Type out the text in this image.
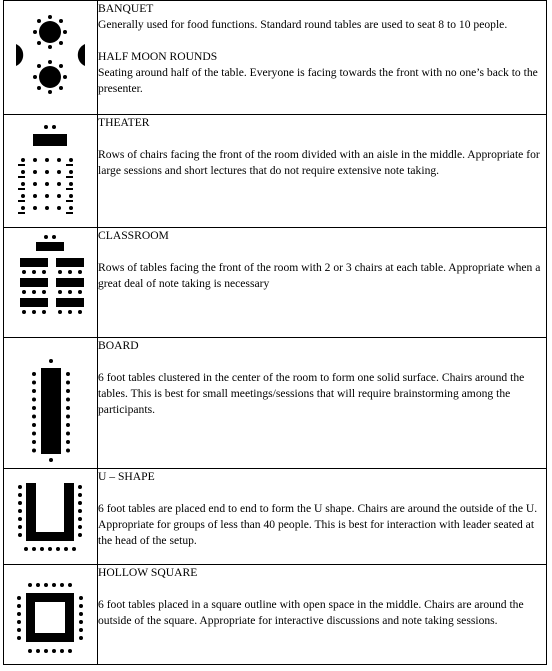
BANQUET

Generally used for food functions. Standard round tables are used to seat 8 to 10 people.

HALF MOON ROUNDS

Seating around half of the table. Everyone is facing towards the front with no one’s back to the presenter.

THEATER

Rows of chairs facing the front of the room divided with an aisle in the middle. Appropriate for large sessions and short lectures that do not require extensive note taking.

CLASSROOM

Rows of tables facing the front of the room with 2 or 3 chairs at each table. Appropriate when a great deal of note taking is necessary

BOARD

6 foot tables clustered in the center of the room to form one solid surface. Chairs around the tables. This is best for small meetings/sessions that will require brainstorming among the participants.

U – SHAPE

6 foot tables are placed end to end to form the U shape. Chairs are around the outside of the U. Appropriate for groups of less than 40 people. This is best for interaction with leader seated at the head of the setup.

HOLLOW SQUARE

6 foot tables placed in a square outline with open space in the middle. Chairs are around the outside of the square. Appropriate for interactive discussions and note taking sessions.
